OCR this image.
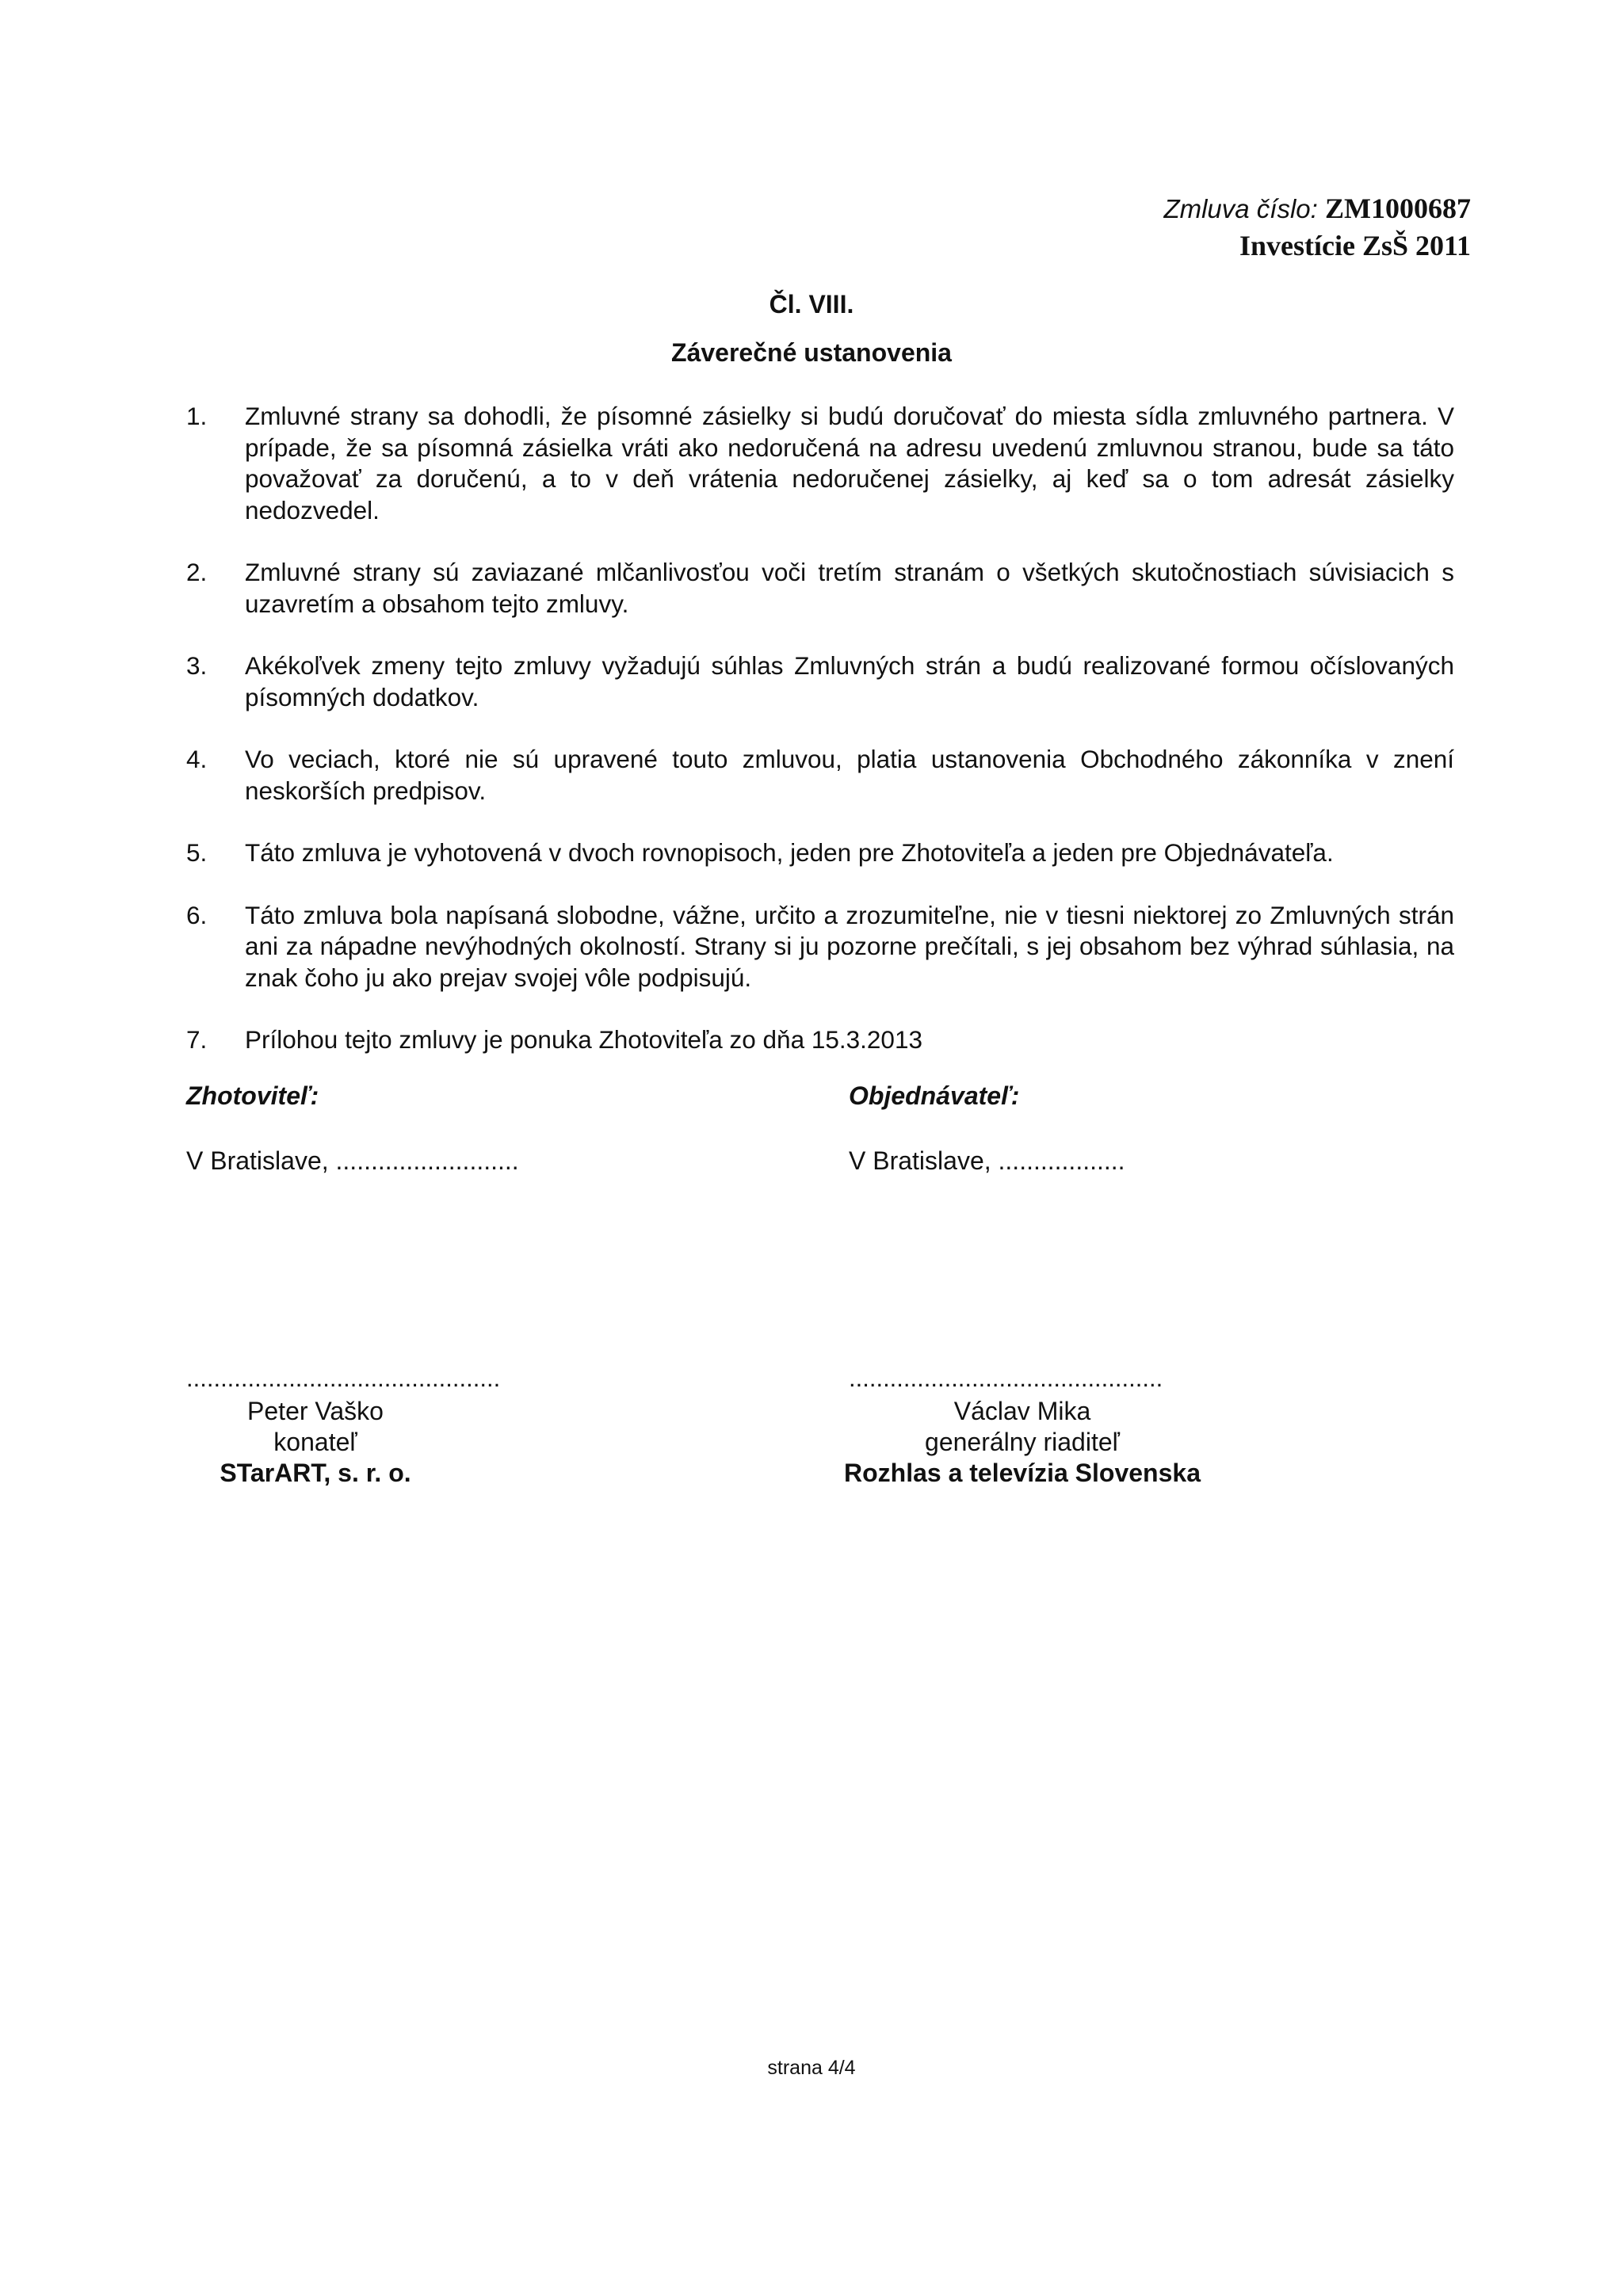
Zmluva číslo: ZM1000687
Investície ZsŠ 2011
Čl. VIII.
Záverečné ustanovenia
1. Zmluvné strany sa dohodli, že písomné zásielky si budú doručovať do miesta sídla zmluvného partnera. V prípade, že sa písomná zásielka vráti ako nedoručená na adresu uvedenú zmluvnou stranou, bude sa táto považovať za doručenú, a to v deň vrátenia nedoručenej zásielky, aj keď sa o tom adresát zásielky nedozvedel.
2. Zmluvné strany sú zaviazané mlčanlivosťou voči tretím stranám o všetkých skutočnostiach súvisiacich s uzavretím a obsahom tejto zmluvy.
3. Akékoľvek zmeny tejto zmluvy vyžadujú súhlas Zmluvných strán a budú realizované formou očíslovaných písomných dodatkov.
4. Vo veciach, ktoré nie sú upravené touto zmluvou, platia ustanovenia Obchodného zákonníka v znení neskorších predpisov.
5. Táto zmluva je vyhotovená v dvoch rovnopisoch, jeden pre Zhotoviteľa a jeden pre Objednávateľa.
6. Táto zmluva bola napísaná slobodne, vážne, určito a zrozumiteľne, nie v tiesni niektorej zo Zmluvných strán ani za nápadne nevýhodných okolností. Strany si ju pozorne prečítali, s jej obsahom bez výhrad súhlasia, na znak čoho ju ako prejav svojej vôle podpisujú.
7. Prílohou tejto zmluvy je ponuka Zhotoviteľa zo dňa 15.3.2013
Zhotoviteľ:
V Bratislave, ..........................
..............................................
Peter Vaško
konateľ
STarART, s. r. o.
Objednávateľ:
V Bratislave, ..................
..............................................
Václav Mika
generálny riaditeľ
Rozhlas a televízia Slovenska
strana 4/4
